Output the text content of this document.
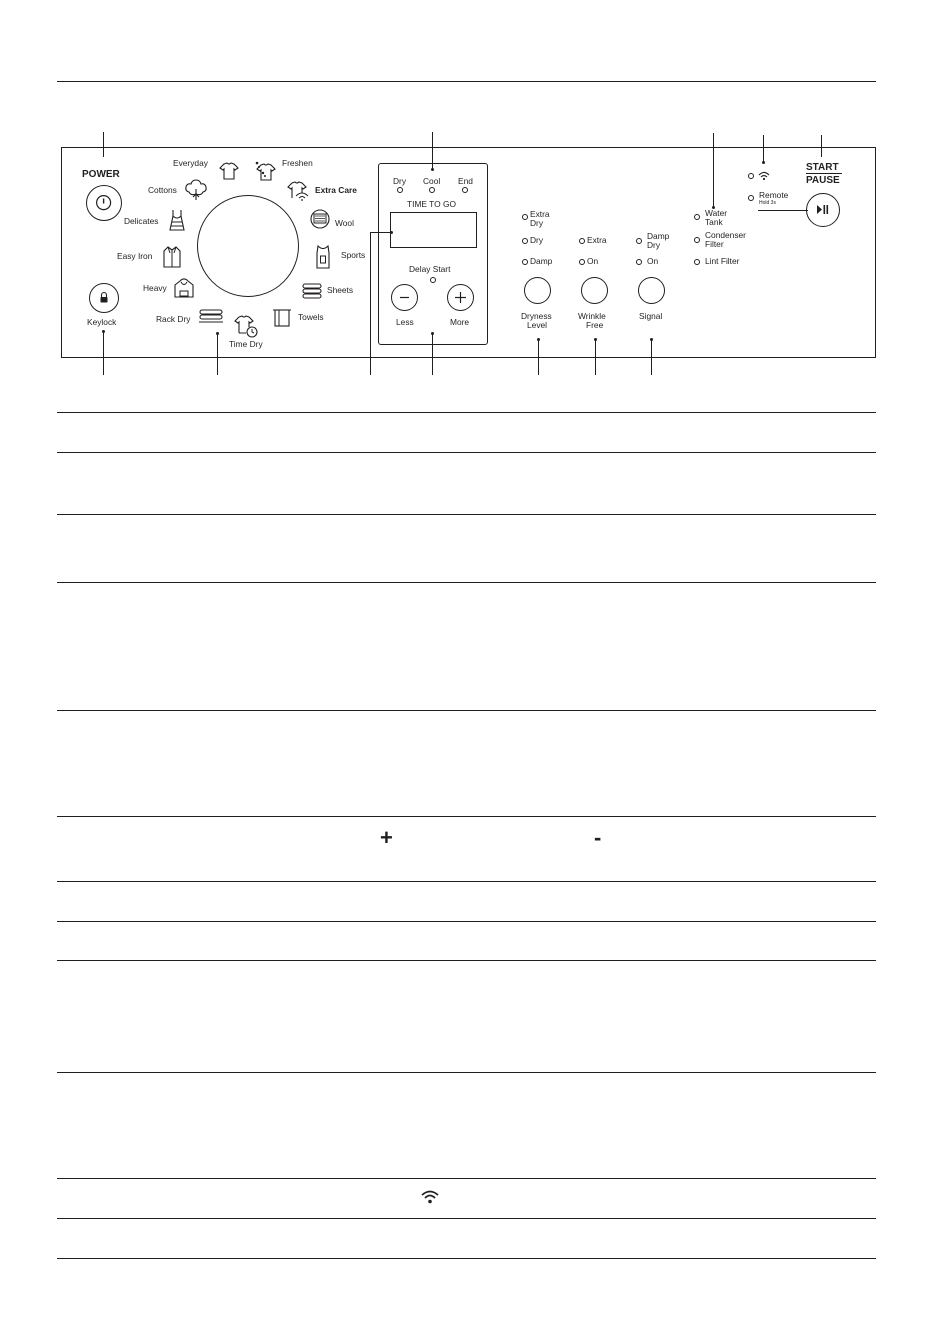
+	-
POWER
Keylock
Everyday	Freshen
Cottons	Extra Care
Delicates	Wool
Easy Iron	Sports
Heavy	Sheets
Rack Dry
Time Dry
Towels
Dry Cool End
TIME TO GO
Delay Start
Less	More
Extra
Dry
Dry
Damp
Dryness
Level
Extra
On
Wrinkle
Free
Damp
Dry
On
Signal
Water
Tank
Condenser
Filter
Lint Filter
Remote
Hold 3s
START
PAUSE
